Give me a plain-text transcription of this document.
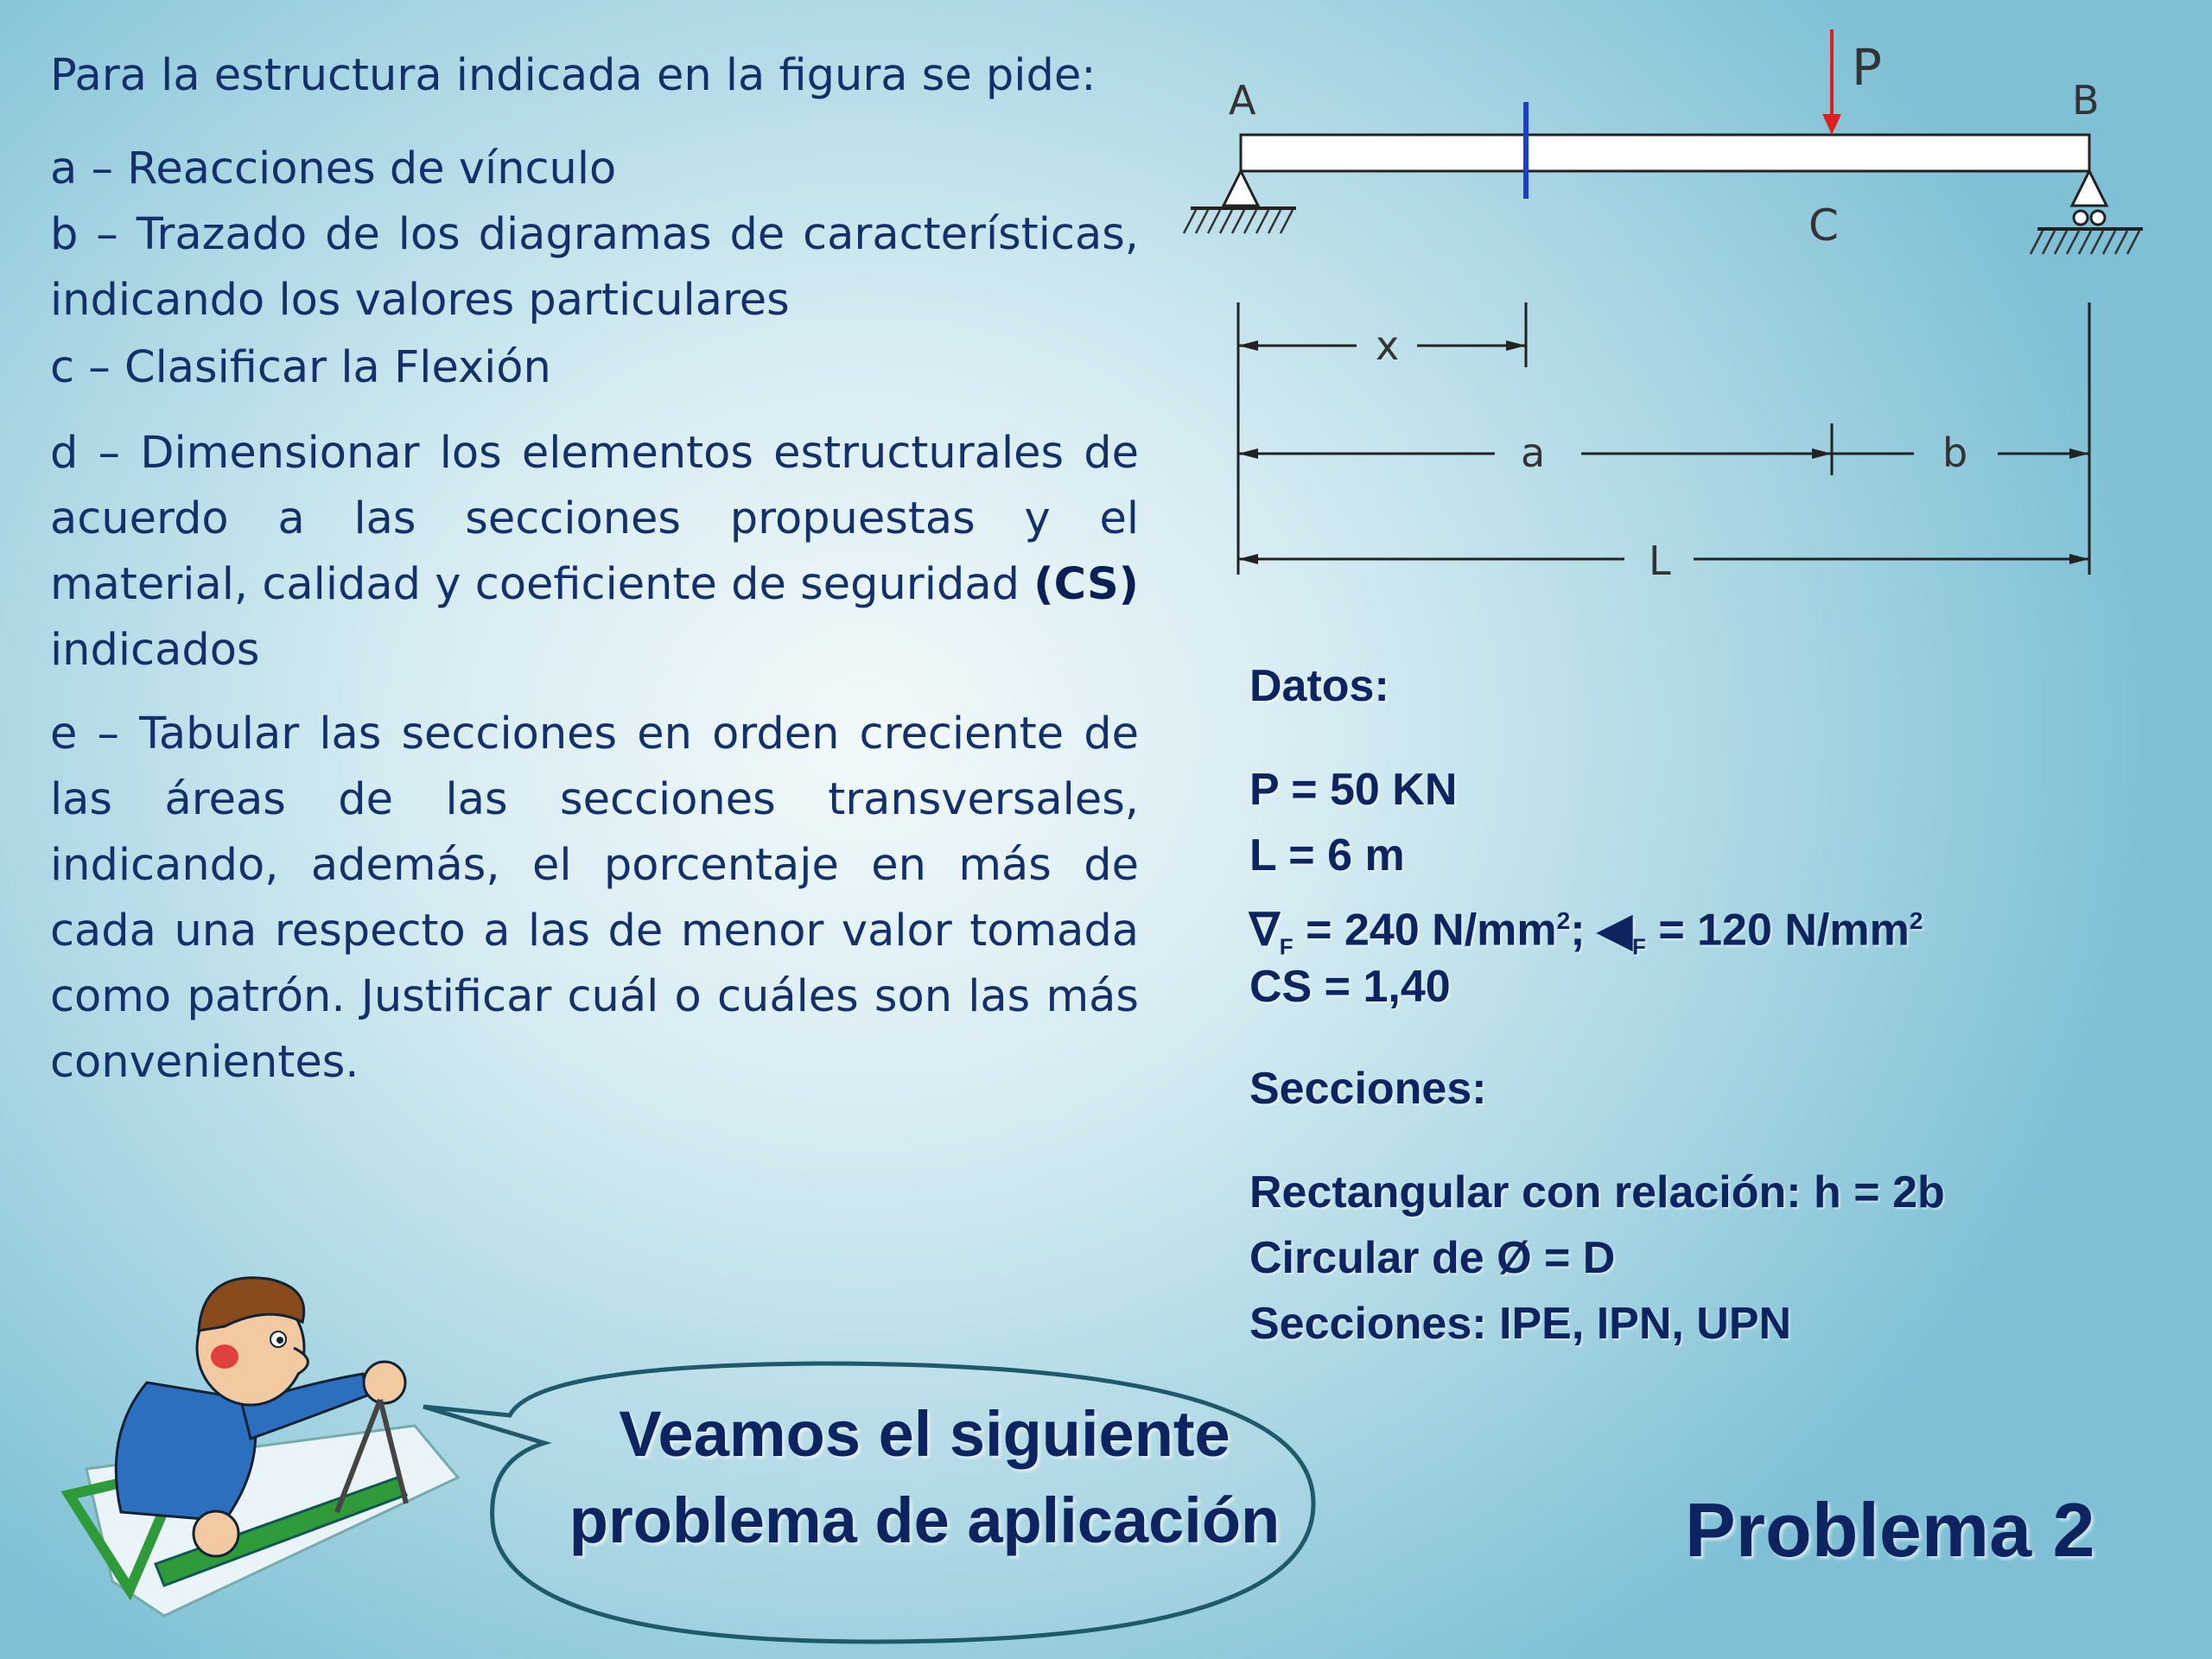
Para la estructura indicada en la figura se pide:

a – Reacciones de vínculo

b – Trazado de los diagramas de características, indicando los valores particulares

c – Clasificar la Flexión

d – Dimensionar los elementos estructurales de acuerdo a las secciones propuestas y el material, calidad y coeficiente de seguridad (CS) indicados

e – Tabular las secciones en orden creciente de las áreas de las secciones transversales, indicando, además, el porcentaje en más de cada una respecto a las de menor valor tomada como patrón. Justificar cuál o cuáles son las más convenientes.

P
A	B
C
x
a	b
L
Datos:
P = 50 KN
L = 6 m
$\nabla_F = 240$ $N/mm^2$; $◀_F = 120$ $N/mm^2$
CS = 1,40
Secciones:
Rectangular con relación: h = 2b
Circular de Ø = D
Secciones: IPE, IPN, UPN
Veamos el siguiente
problema de aplicación	Problema 2
